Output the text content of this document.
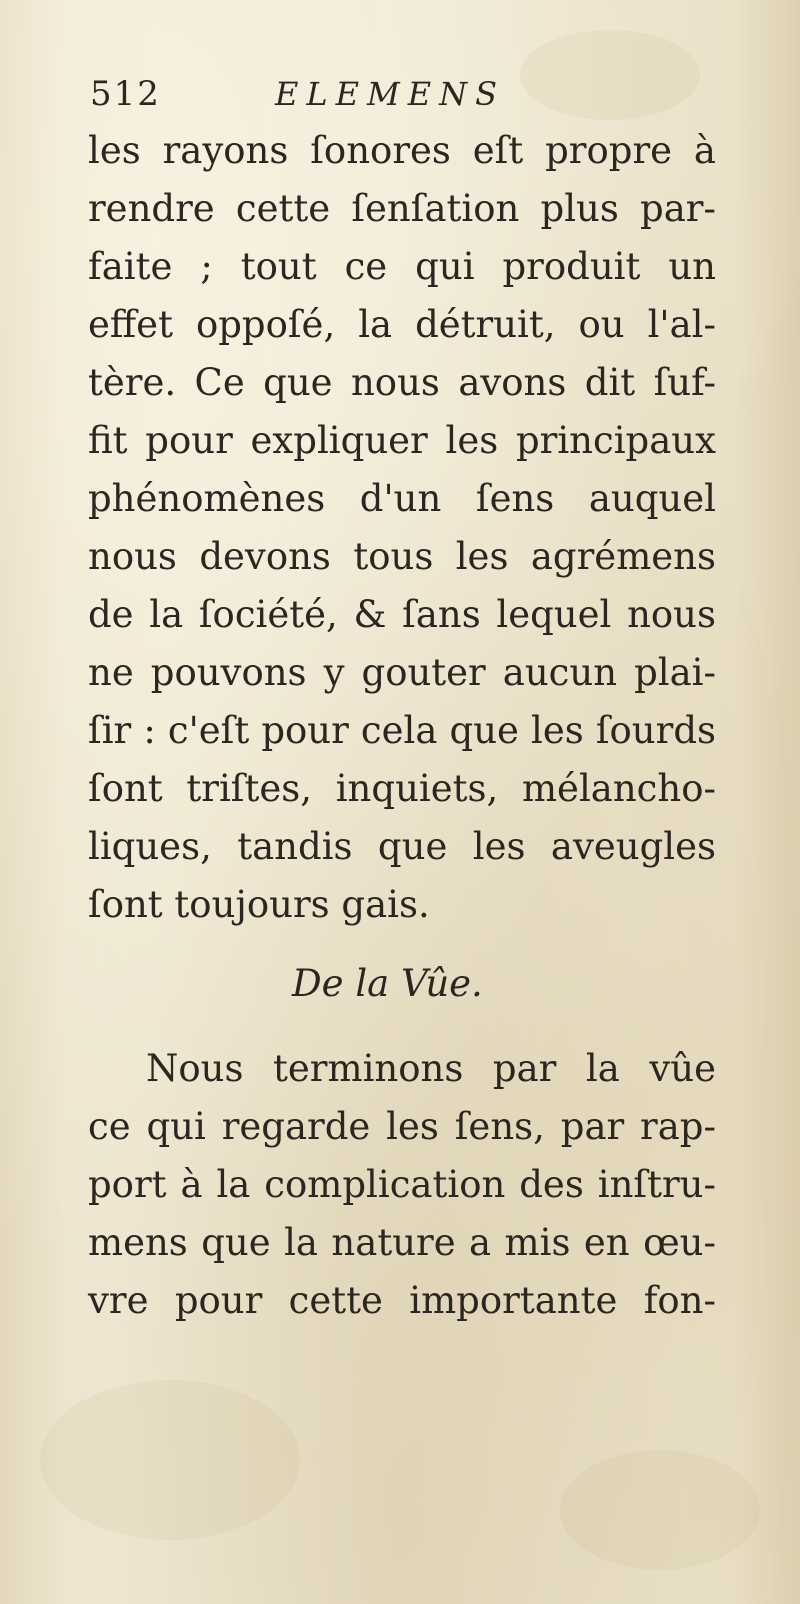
512	ELEMENS
les rayons ſonores eſt propre à
rendre cette ſenſation plus par-
faite ; tout ce qui produit un
effet oppoſé, la détruit, ou l'al-
tère. Ce que nous avons dit ſuf-
fit pour expliquer les principaux
phénomènes d'un ſens auquel
nous devons tous les agrémens
de la ſociété, & ſans lequel nous
ne pouvons y gouter aucun plai-
ſir : c'eſt pour cela que les ſourds
ſont triſtes, inquiets, mélancho-
liques, tandis que les aveugles
ſont toujours gais.
De la Vûe.
Nous terminons par la vûe
ce qui regarde les ſens, par rap-
port à la complication des inſtru-
mens que la nature a mis en œu-
vre pour cette importante fon-
